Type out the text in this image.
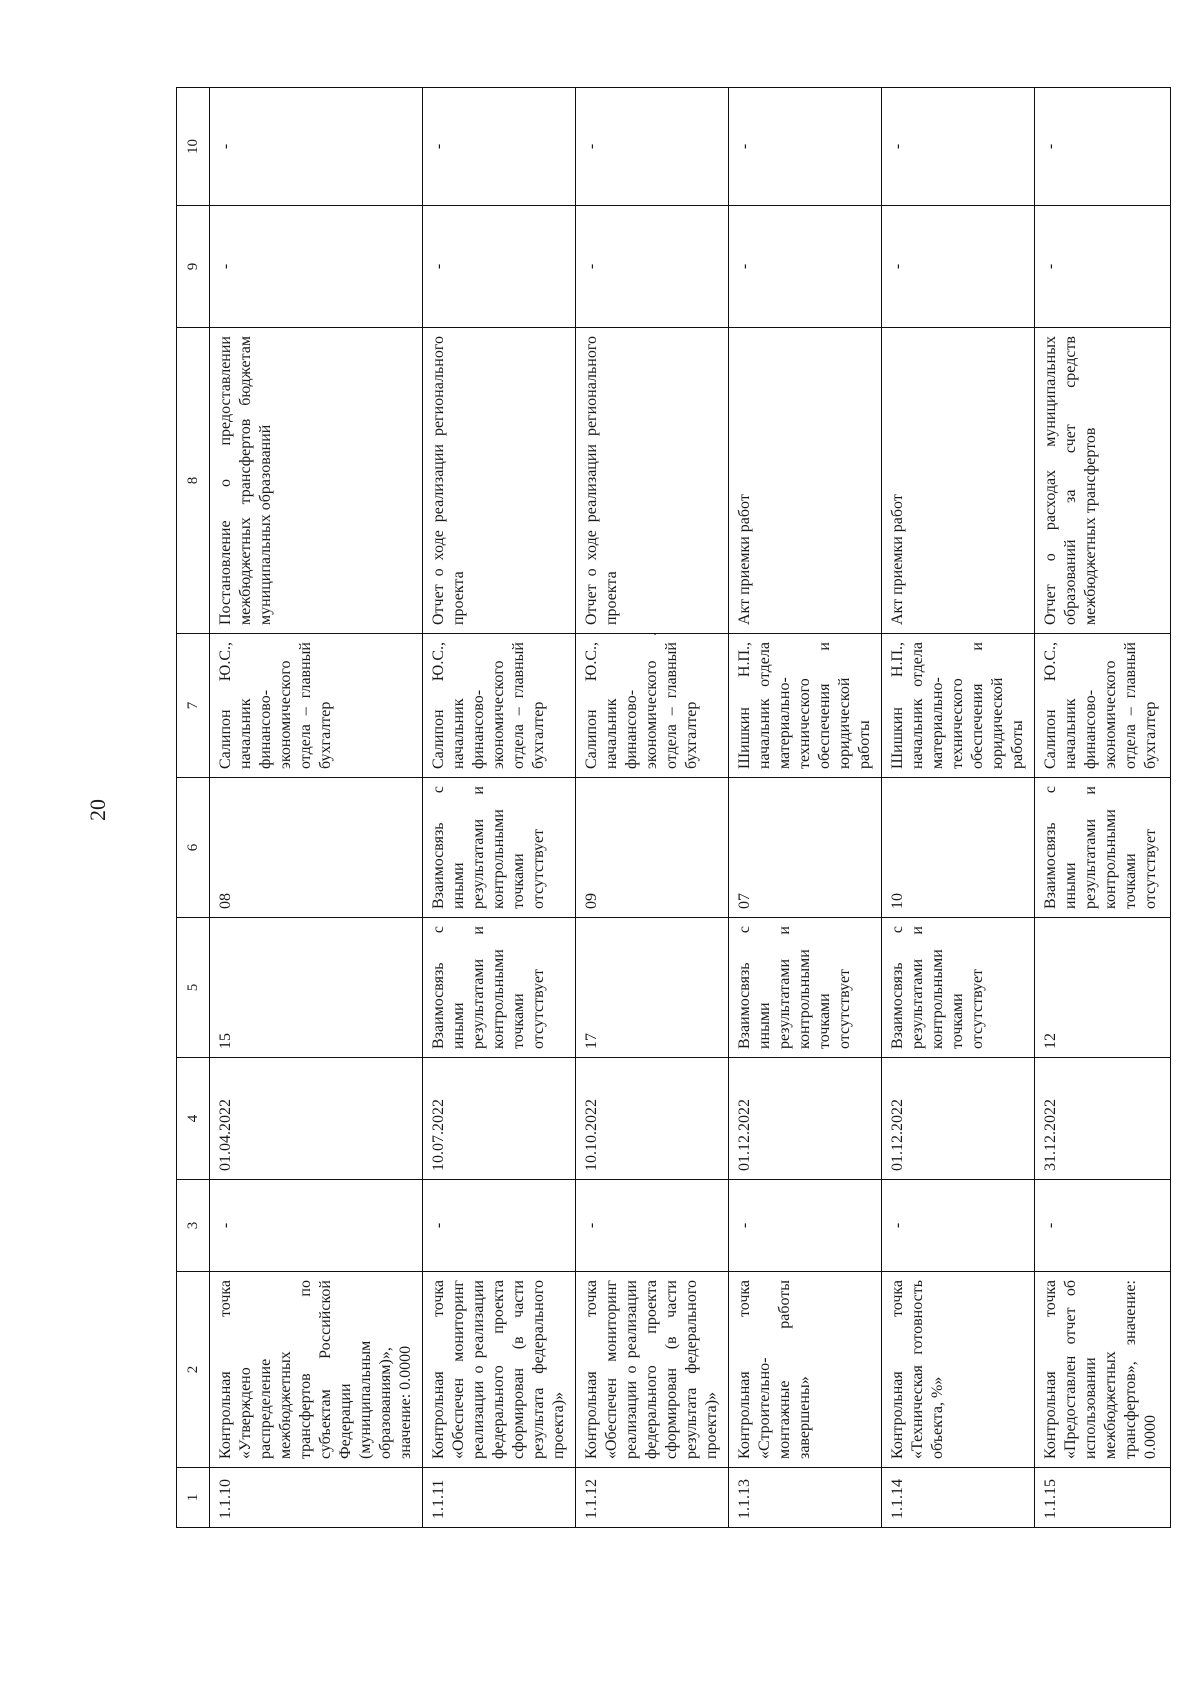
20
1	2	3	4	5	6	7	8	9	10
1.1.10	Контрольная точка «Утверждено распределение межбюджетных трансфертов по субъектам Российской Федерации (муниципальным образованиям)», значение: 0.0000	-	01.04.2022	15	08	Салипон Ю.С., начальник финансово-экономического отдела – главный бухгалтер	Постановление о предоставлении межбюджетных трансфертов бюджетам муниципальных образований	-	-
1.1.11	Контрольная точка «Обеспечен мониторинг реализации о реализации федерального проекта сформирован (в части результата федерального проекта)»	-	10.07.2022	Взаимосвязь с иными результатами и контрольными точками отсутствует	Взаимосвязь с иными результатами и контрольными точками отсутствует	Салипон Ю.С., начальник финансово-экономического отдела – главный бухгалтер	Отчет о ходе реализации регионального проекта	-	-
1.1.12	Контрольная точка «Обеспечен мониторинг реализации о реализации федерального проекта сформирован (в части результата федерального проекта)»	-	10.10.2022	17	09	Салипон Ю.С., начальник финансово-экономического отдела – главный бухгалтер	Отчет о ходе реализации регионального проекта	-	-
1.1.13	Контрольная точка «Строительно-монтажные работы завершены»	-	01.12.2022	Взаимосвязь с иными результатами и контрольными точками отсутствует	07	Шишкин Н.П., начальник отдела материально-технического обеспечения и юридической работы	Акт приемки работ	-	-
1.1.14	Контрольная точка «Техническая готовность объекта, %»	-	01.12.2022	Взаимосвязь с результатами и контрольными точками отсутствует	10	Шишкин Н.П., начальник отдела материально-технического обеспечения и юридической работы	Акт приемки работ	-	-
1.1.15	Контрольная точка «Предоставлен отчет об использовании межбюджетных трансфертов», значение: 0.0000	-	31.12.2022	12	Взаимосвязь с иными результатами и контрольными точками отсутствует	Салипон Ю.С., начальник финансово-экономического отдела – главный бухгалтер	Отчет о расходах муниципальных образований за счет средств межбюджетных трансфертов	-	-
